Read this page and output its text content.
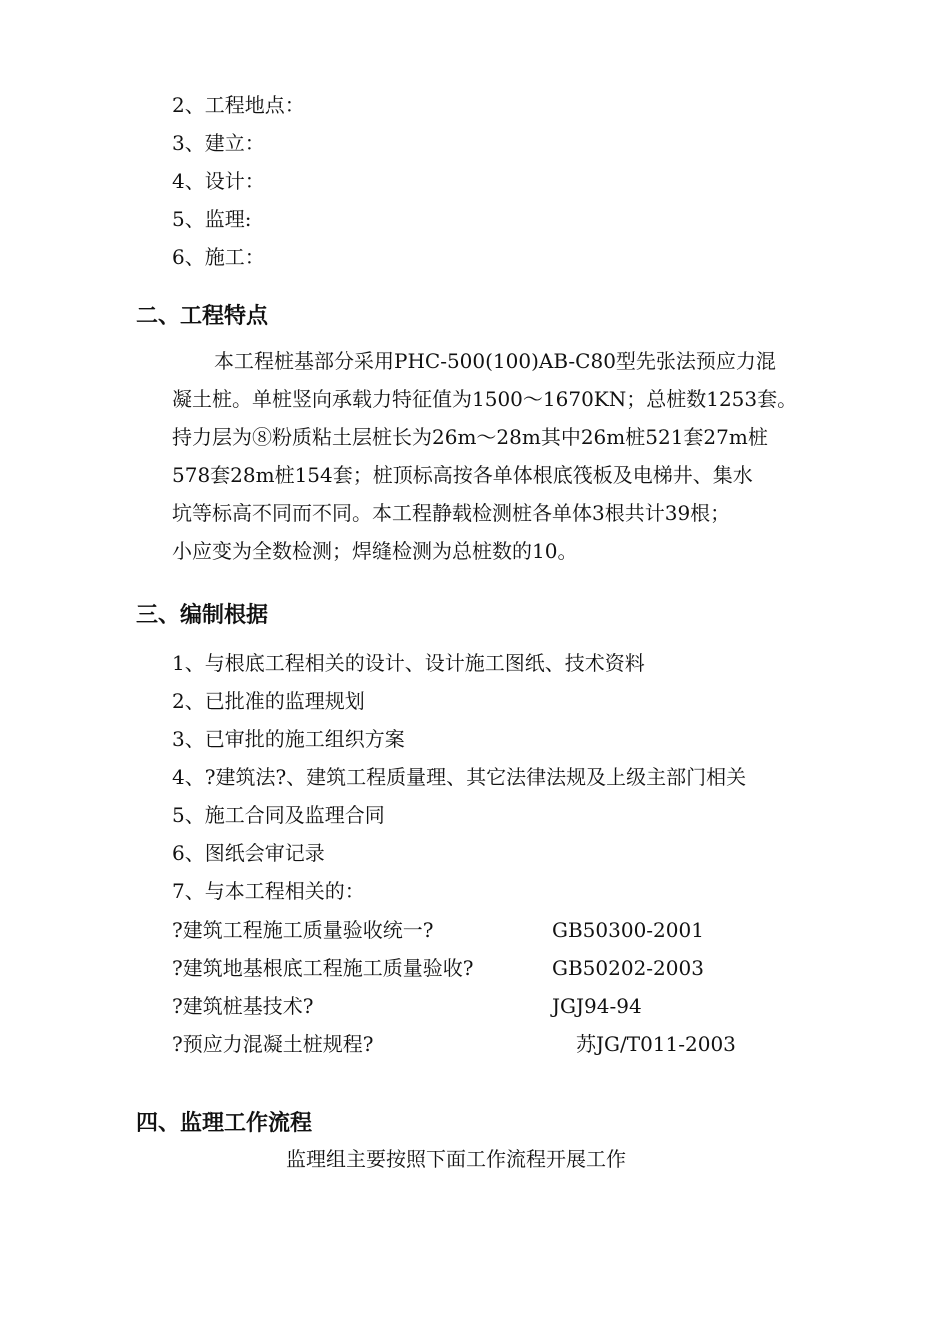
2、工程地点：
3、建立：
4、设计：
5、监理:
6、施工：
二、工程特点
本工程桩基部分采用PHC-500(100)AB-C80型先张法预应力混
凝土桩。单桩竖向承载力特征值为1500～1670KN；总桩数1253套。
持力层为⑧粉质粘土层桩长为26m～28m其中26m桩521套27m桩
578套28m桩154套；桩顶标高按各单体根底筏板及电梯井、集水
坑等标高不同而不同。本工程静载检测桩各单体3根共计39根；
小应变为全数检测；焊缝检测为总桩数的10。
三、编制根据
1、与根底工程相关的设计、设计施工图纸、技术资料
2、已批准的监理规划
3、已审批的施工组织方案
4、?建筑法?、建筑工程质量理、其它法律法规及上级主部门相关
5、施工合同及监理合同
6、图纸会审记录
7、与本工程相关的：
?建筑工程施工质量验收统一?	GB50300-2001
?建筑地基根底工程施工质量验收?	GB50202-2003
?建筑桩基技术?	JGJ94-94
?预应力混凝土桩规程?	苏JG/T011-2003
四、监理工作流程
监理组主要按照下面工作流程开展工作
